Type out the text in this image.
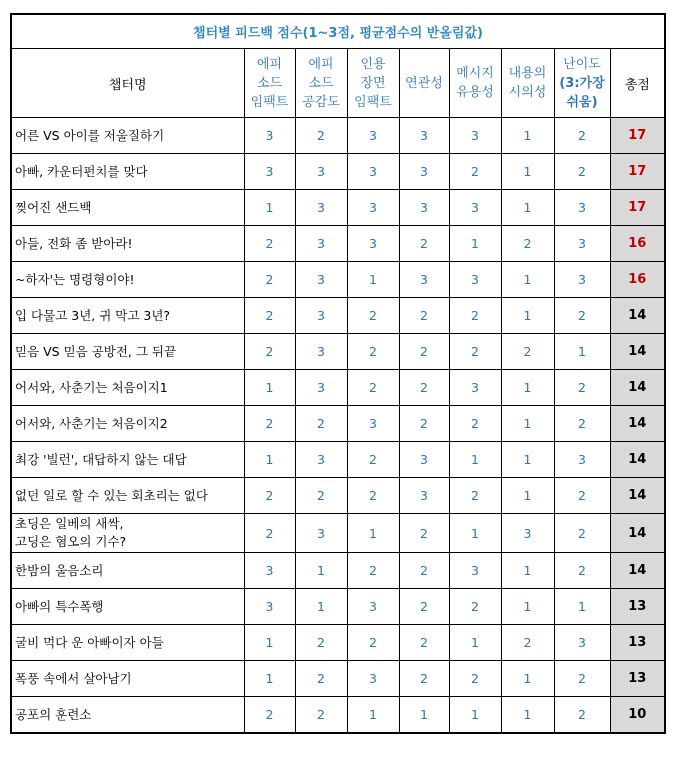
챕터별 피드백 점수(1~3점, 평균점수의 반올림값)								
챕터명	에피
소드
임팩트	에피
소드
공감도	인용
장면
임팩트	연관성	메시지
유용성	내용의
시의성	난이도
(3:가장
쉬움)	총점

어른 VS 아이를 저울질하기	3	2	3	3	3	1	2	17

아빠, 카운터펀치를 맞다	3	3	3	3	2	1	2	17

찢어진 샌드백	1	3	3	3	3	1	3	17

아들, 전화 좀 받아라!	2	3	3	2	1	2	3	16

~하자'는 명령형이야!	2	3	1	3	3	1	3	16

입 다물고 3년, 귀 막고 3년?	2	3	2	2	2	1	2	14

믿음 VS 믿음 공방전, 그 뒤끝	2	3	2	2	2	2	1	14

어서와, 사춘기는 처음이지1	1	3	2	2	3	1	2	14

어서와, 사춘기는 처음이지2	2	2	3	2	2	1	2	14

최강 '빌런', 대답하지 않는 대답	1	3	2	3	1	1	3	14

없던 일로 할 수 있는 회초리는 없다	2	2	2	3	2	1	2	14

초딩은 일베의 새싹,
고딩은 혐오의 기수?	2	3	1	2	1	3	2	14

한밤의 울음소리	3	1	2	2	3	1	2	14

아빠의 특수폭행	3	1	3	2	2	1	1	13

굴비 먹다 운 아빠이자 아들	1	2	2	2	1	2	3	13

폭풍 속에서 살아남기	1	2	3	2	2	1	2	13

공포의 훈련소	2	2	1	1	1	1	2	10
